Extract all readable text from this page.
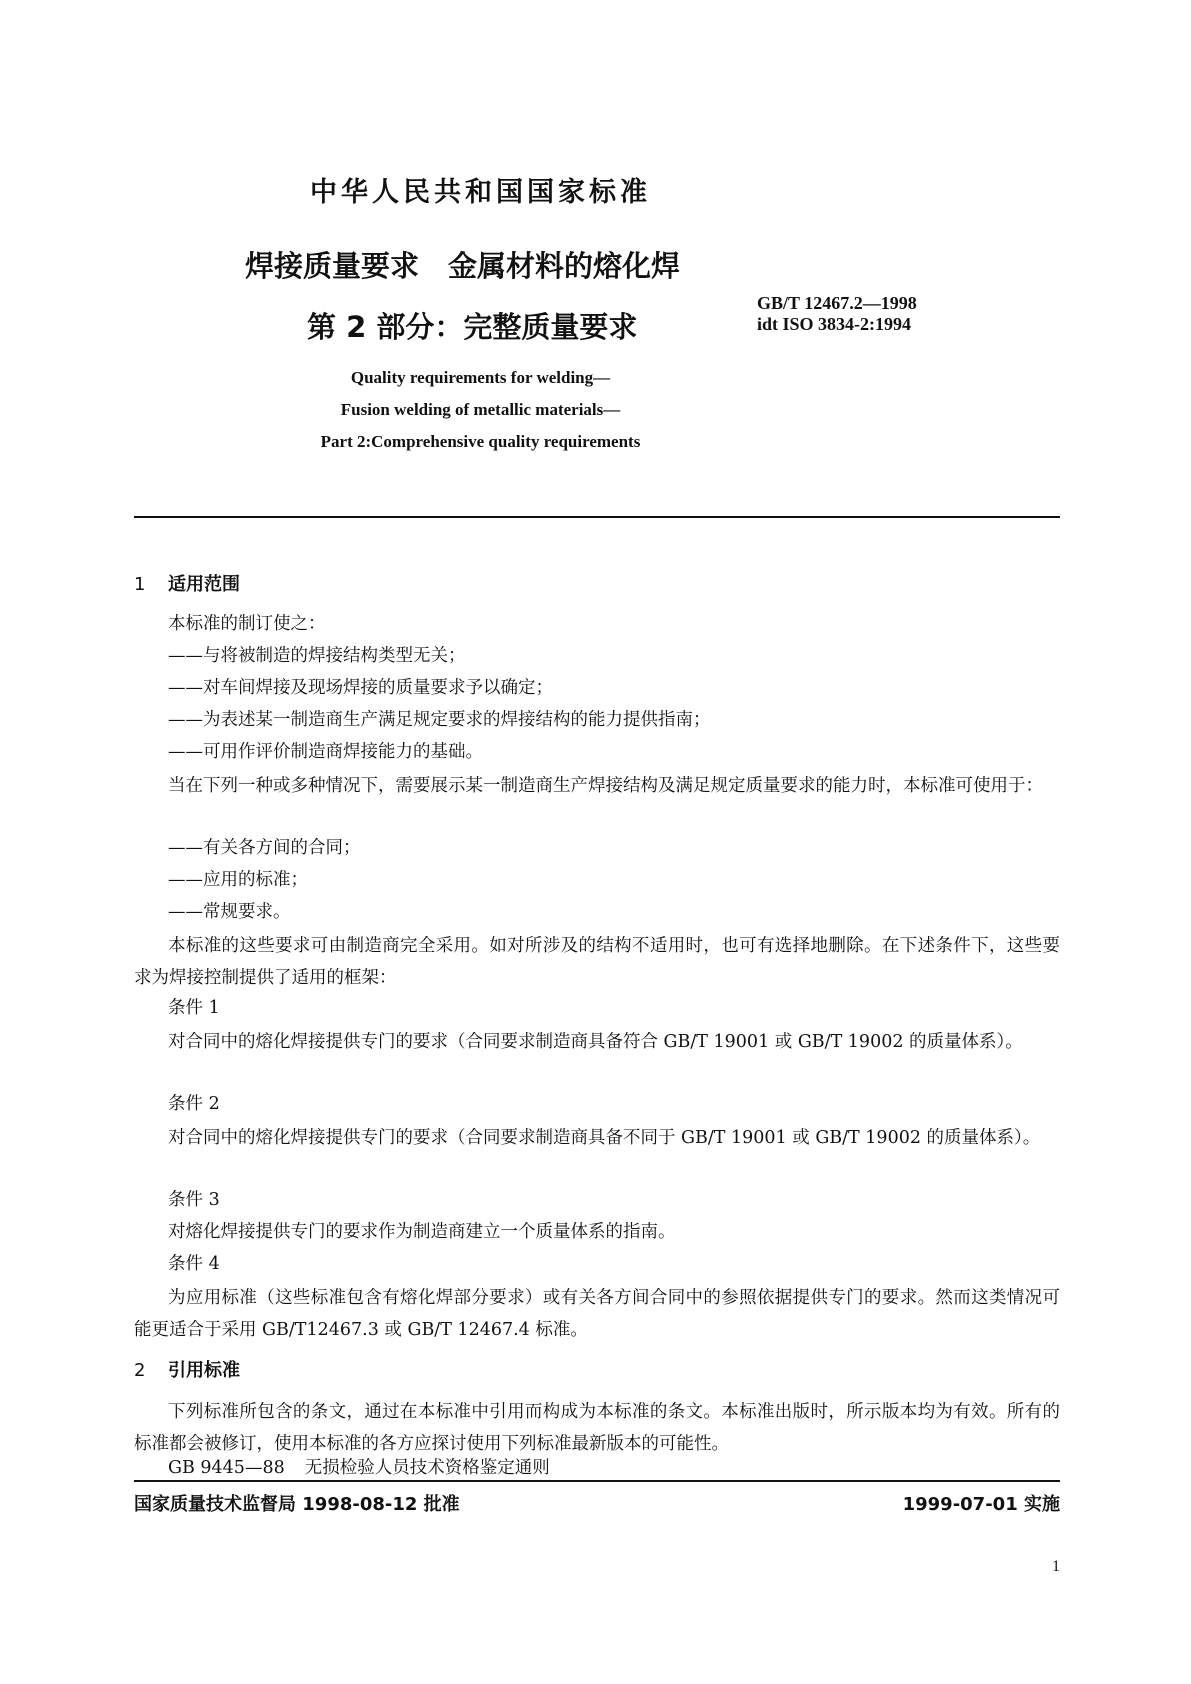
中华人民共和国国家标准
焊接质量要求　金属材料的熔化焊
第 2 部分：完整质量要求
GB/T 12467.2—1998
idt ISO 3834-2:1994
Quality requirements for welding—
Fusion welding of metallic materials—
Part 2:Comprehensive quality requirements
1 适用范围
本标准的制订使之：
——与将被制造的焊接结构类型无关；
——对车间焊接及现场焊接的质量要求予以确定；
——为表述某一制造商生产满足规定要求的焊接结构的能力提供指南；
——可用作评价制造商焊接能力的基础。
当在下列一种或多种情况下，需要展示某一制造商生产焊接结构及满足规定质量要求的能力时，本标准可使用于：
——有关各方间的合同；
——应用的标准；
——常规要求。
本标准的这些要求可由制造商完全采用。如对所涉及的结构不适用时，也可有选择地删除。在下述条件下，这些要求为焊接控制提供了适用的框架：
条件 1
对合同中的熔化焊接提供专门的要求（合同要求制造商具备符合 GB/T 19001 或 GB/T 19002 的质量体系）。
条件 2
对合同中的熔化焊接提供专门的要求（合同要求制造商具备不同于 GB/T 19001 或 GB/T 19002 的质量体系）。
条件 3
对熔化焊接提供专门的要求作为制造商建立一个质量体系的指南。
条件 4
为应用标准（这些标准包含有熔化焊部分要求）或有关各方间合同中的参照依据提供专门的要求。然而这类情况可能更适合于采用 GB/T12467.3 或 GB/T 12467.4 标准。
2 引用标准
下列标准所包含的条文，通过在本标准中引用而构成为本标准的条文。本标准出版时，所示版本均为有效。所有的标准都会被修订，使用本标准的各方应探讨使用下列标准最新版本的可能性。
GB 9445—88 无损检验人员技术资格鉴定通则
国家质量技术监督局 1998-08-12 批准	1999-07-01 实施
1
